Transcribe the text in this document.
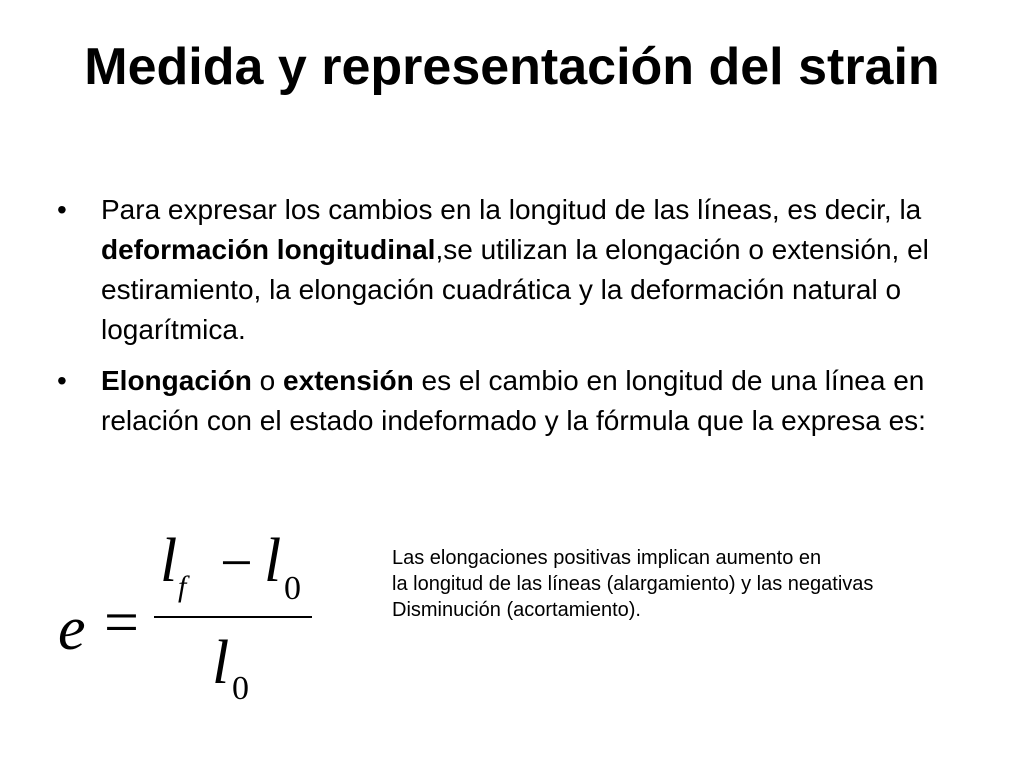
Medida y representación del strain
• Para expresar los cambios en la longitud de las líneas, es decir, la deformación longitudinal,se utilizan la elongación o extensión, el estiramiento, la elongación cuadrática y la deformación natural o logarítmica.
• Elongación o extensión es el cambio en longitud de una línea en relación con el estado indeformado y la fórmula que la expresa es:
e =
l f − l 0
l 0
Las elongaciones positivas implican aumento en
la longitud de las líneas (alargamiento) y las negativas
Disminución (acortamiento).
